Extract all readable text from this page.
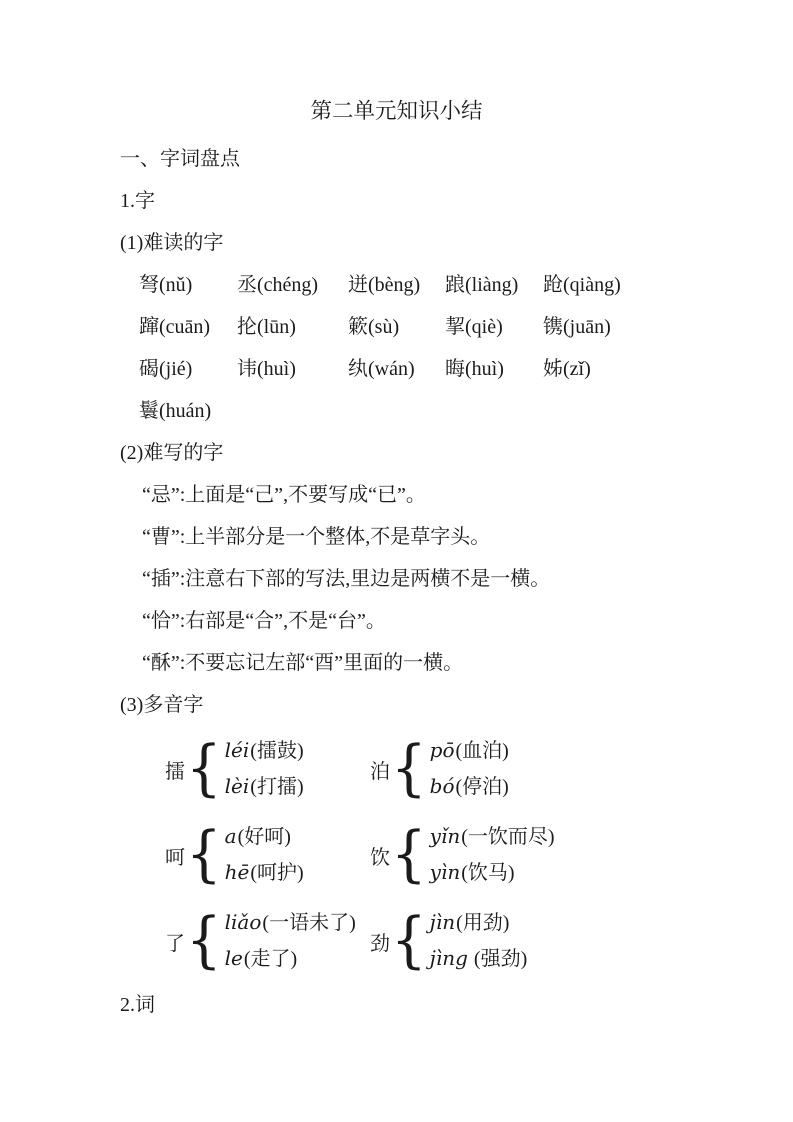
第二单元知识小结

一、字词盘点

1.字

(1)难读的字

弩(nǔ)	丞(chéng)	迸(bèng)	踉(liàng)	跄(qiàng)
蹿(cuān)	抡(lūn)	簌(sù)	挈(qiè)	镌(juān)
碣(jié)	讳(huì)	纨(wán)	晦(huì)	姊(zǐ)
鬟(huán)

(2)难写的字

“忌”:上面是“己”,不要写成“已”。

“曹”:上半部分是一个整体,不是草字头。

“插”:注意右下部的写法,里边是两横不是一横。

“恰”:右部是“合”,不是“台”。

“酥”:不要忘记左部“酉”里面的一横。

(3)多音字

擂
{
léi(擂鼓)
lèi(打擂)
泊
{
pō(血泊)
bó(停泊)
呵
{
a(好呵)
hē(呵护)
饮
{
yǐn(一饮而尽)
yìn(饮马)
了
{
liǎo(一语未了)
le(走了)
劲
{
jìn(用劲)
jìng (强劲)

2.词
